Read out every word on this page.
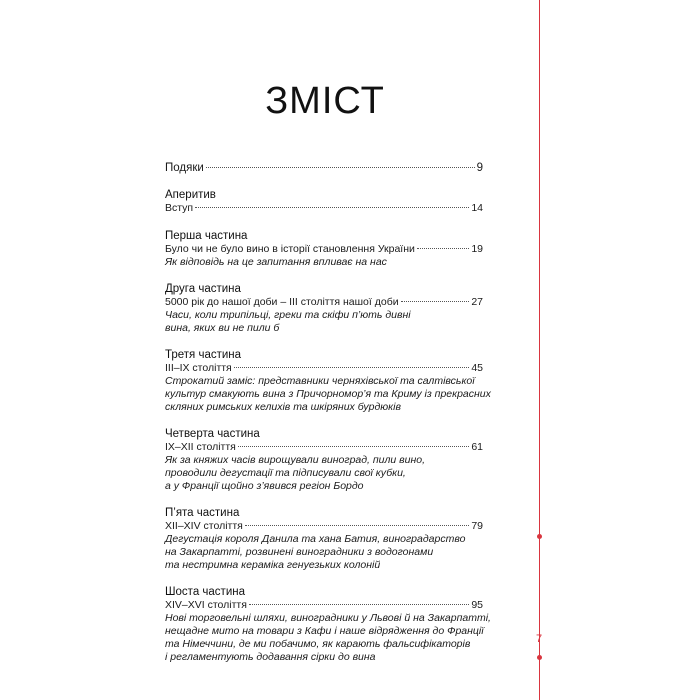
ЗМІСТ
Подяки	9
Аперитив
Вступ	14
Перша частина
Було чи не було вино в історії становлення України	19
Як відповідь на це запитання впливає на нас
Друга частина
5000 рік до нашої доби – ІІІ століття нашої доби	27
Часи, коли трипільці, греки та скіфи п’ють дивні
вина, яких ви не пили б
Третя частина
ІІІ–ІХ століття	45
Строкатий заміс: представники черняхівської та салтівської
культур смакують вина з Причорномор’я та Криму із прекрасних
скляних римських келихів та шкіряних бурдюків
Четверта частина
ІХ–ХІІ століття	61
Як за княжих часів вирощували виноград, пили вино,
проводили дегустації та підписували свої кубки,
а у Франції щойно з’явився регіон Бордо
П’ята частина
ХІІ–ХІV століття	79
Дегустація короля Данила та хана Батия, виноградарство
на Закарпатті, розвинені виноградники з водогонами
та нестримна кераміка генуезьких колоній
Шоста частина
ХІV–ХVІ століття	95
Нові торговельні шляхи, виноградники у Львові й на Закарпатті,
нещадне мито на товари з Кафи і наше відрядження до Франції
та Німеччини, де ми побачимо, як карають фальсифікаторів
і регламентують додавання сірки до вина
7
